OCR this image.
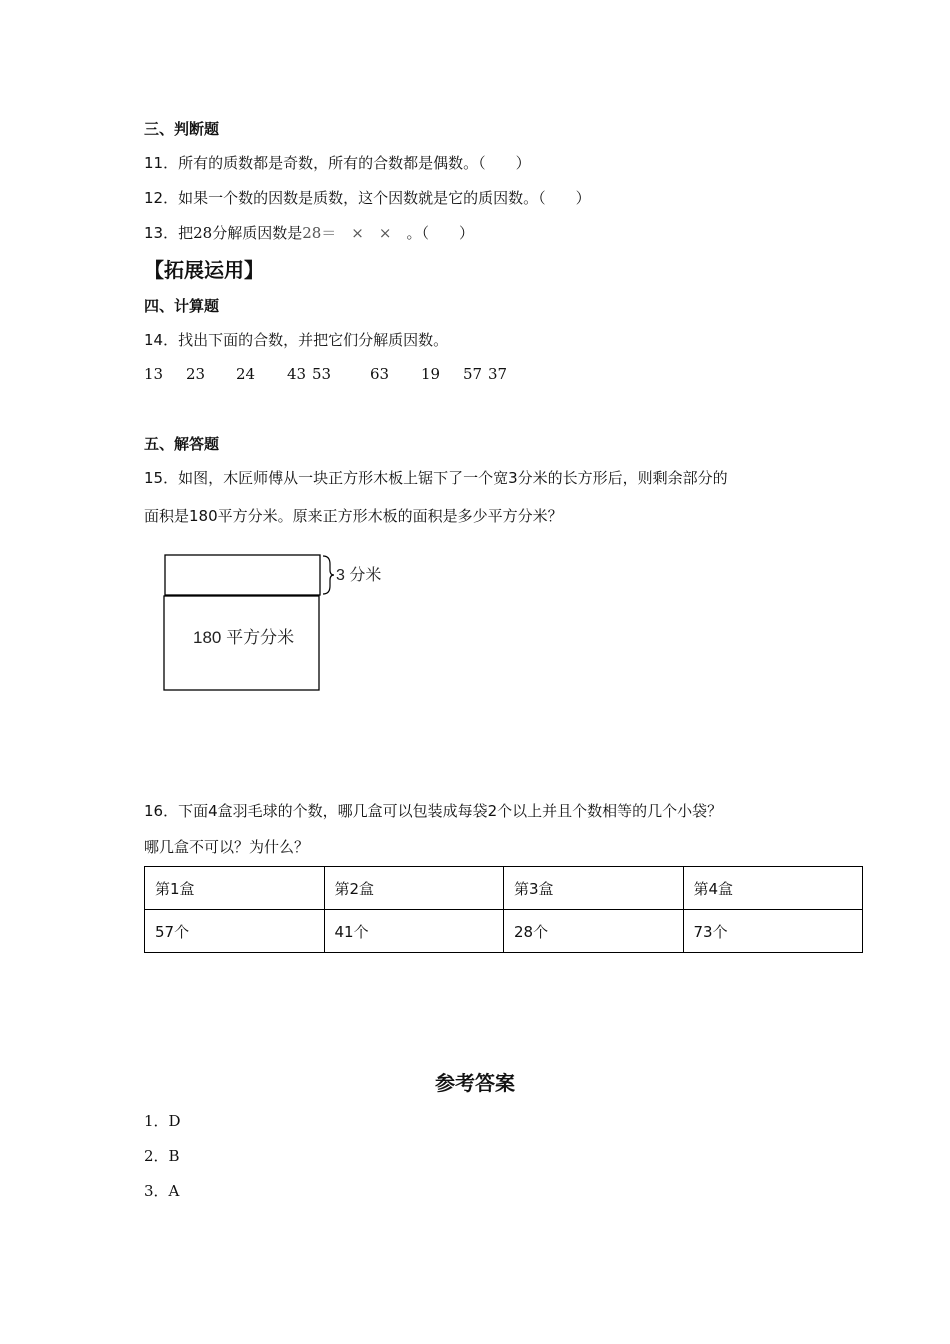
三、判断题
11．所有的质数都是奇数，所有的合数都是偶数。（　　）
12．如果一个数的因数是质数，这个因数就是它的质因数。（　　）
13．把28分解质因数是28＝　×　×　。（　　）
【拓展运用】
四、计算题
14．找出下面的合数，并把它们分解质因数。
13 23 24 43 53	63 19 57 37
五、解答题
15．如图，木匠师傅从一块正方形木板上锯下了一个宽3分米的长方形后，则剩余部分的
面积是180平方分米。原来正方形木板的面积是多少平方分米？
3 分米
180 平方分米
16．下面4盒羽毛球的个数，哪几盒可以包装成每袋2个以上并且个数相等的几个小袋？
哪几盒不可以？为什么？
第1盒	第2盒	第3盒	第4盒
57个	41个	28个	73个
参考答案
1．D
2．B
3．A
